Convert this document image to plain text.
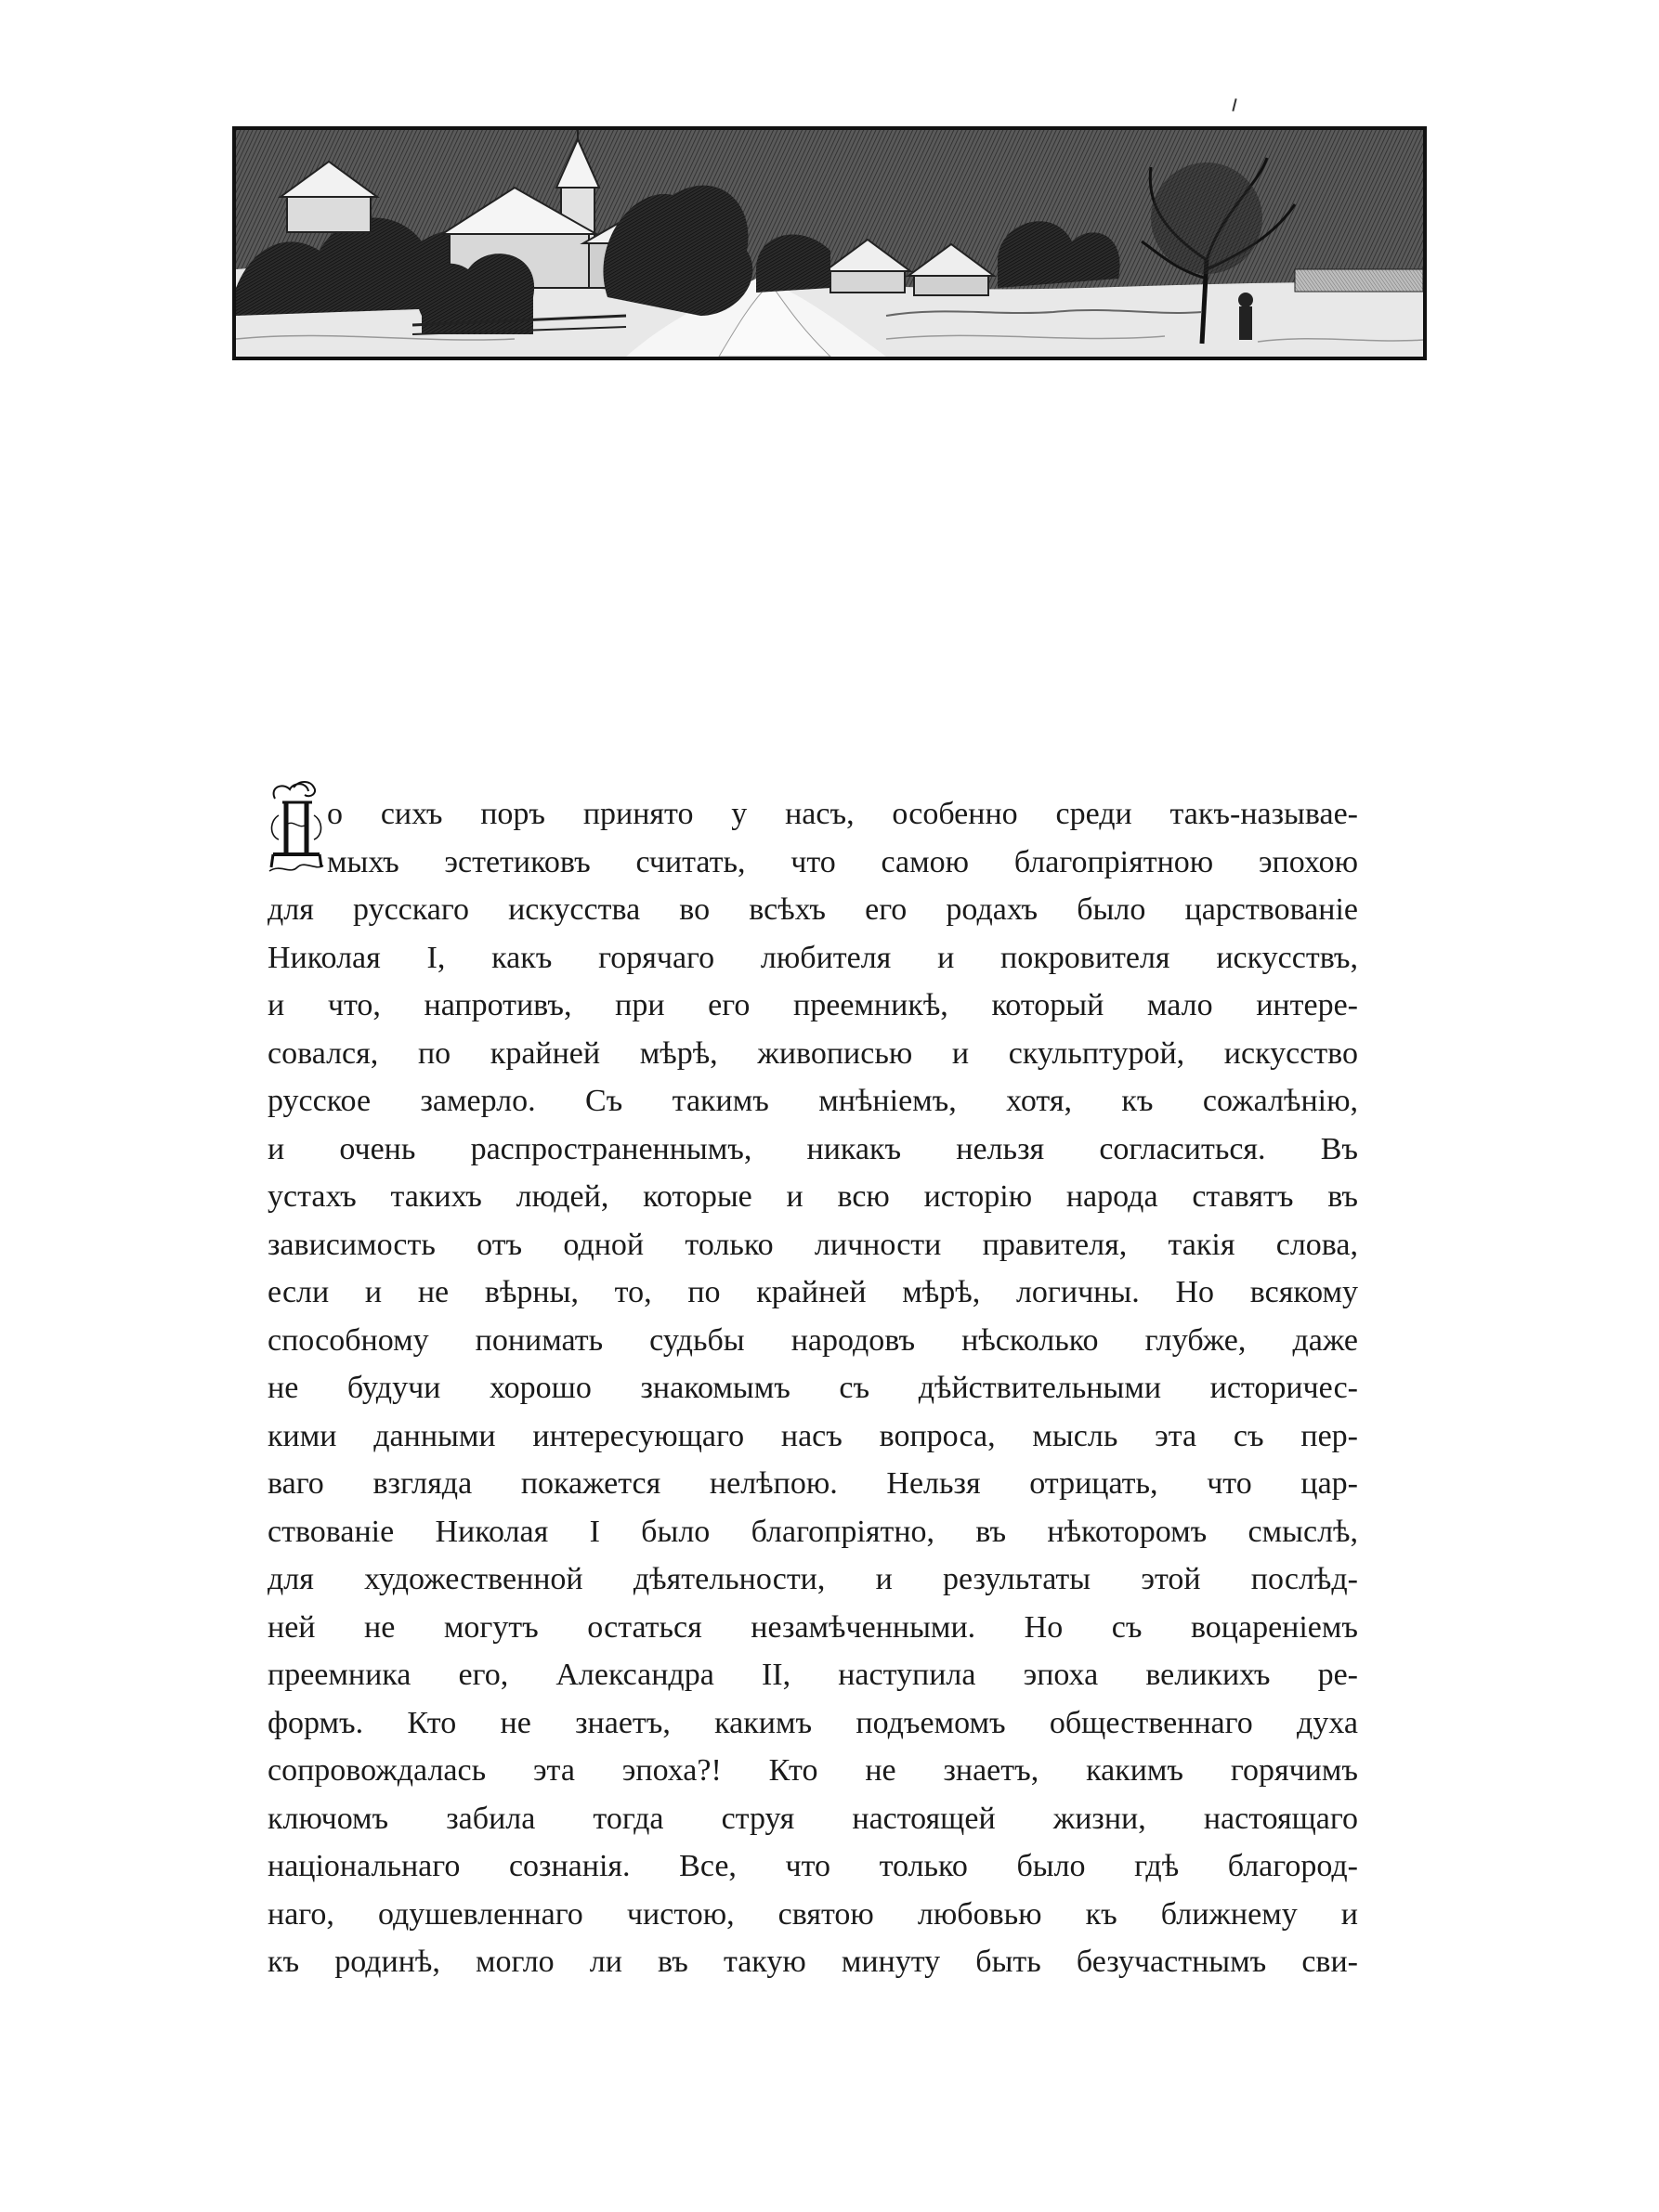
о сихъ поръ принято у насъ, особенно среди такъ-называе-
мыхъ эстетиковъ считать, что самою благопріятною эпохою
для русскаго искусства во всѣхъ его родахъ было царствованіе
Николая I, какъ горячаго любителя и покровителя искусствъ,
и что, напротивъ, при его преемникѣ, который мало интере-
совался, по крайней мѣрѣ, живописью и скульптурой, искусство
русское замерло. Съ такимъ мнѣніемъ, хотя, къ сожалѣнію,
и очень распространеннымъ, никакъ нельзя согласиться. Въ
устахъ такихъ людей, которые и всю исторію народа ставятъ въ
зависимость отъ одной только личности правителя, такія слова,
если и не вѣрны, то, по крайней мѣрѣ, логичны. Но всякому
способному понимать судьбы народовъ нѣсколько глубже, даже
не будучи хорошо знакомымъ съ дѣйствительными историчес-
кими данными интересующаго насъ вопроса, мысль эта съ пер-
ваго взгляда покажется нелѣпою. Нельзя отрицать, что цар-
ствованіе Николая I было благопріятно, въ нѣкоторомъ смыслѣ,
для художественной дѣятельности, и результаты этой послѣд-
ней не могутъ остаться незамѣченными. Но съ воцареніемъ
преемника его, Александра II, наступила эпоха великихъ ре-
формъ. Кто не знаетъ, какимъ подъемомъ общественнаго духа
сопровождалась эта эпоха?! Кто не знаетъ, какимъ горячимъ
ключомъ забила тогда струя настоящей жизни, настоящаго
національнаго сознанія. Все, что только было гдѣ благород-
наго, одушевленнаго чистою, святою любовью къ ближнему и
къ родинѣ, могло ли въ такую минуту быть безучастнымъ сви-
